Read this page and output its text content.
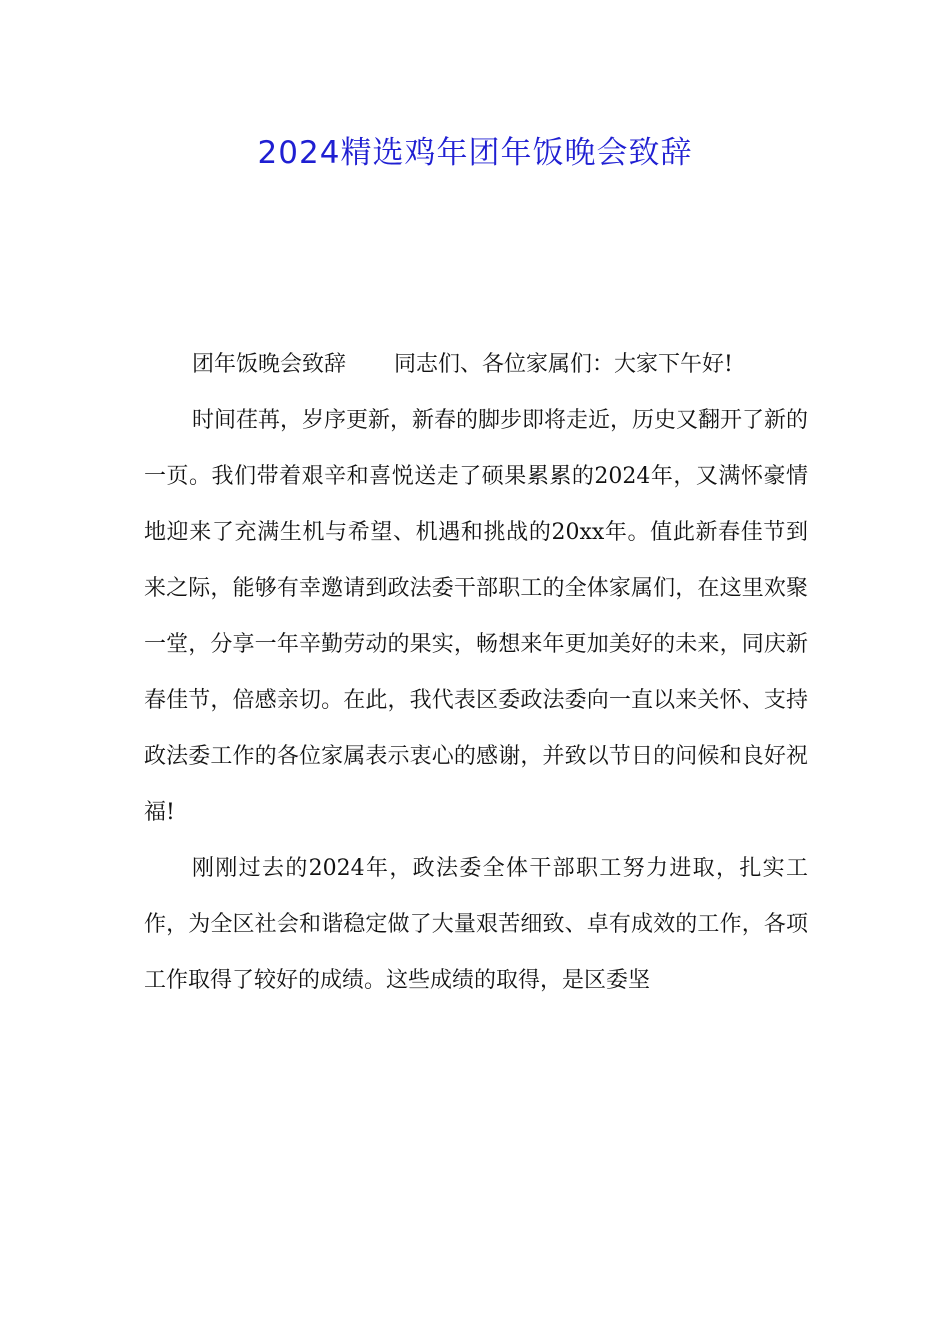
2024精选鸡年团年饭晚会致辞

团年饭晚会致辞 同志们、各位家属们：大家下午好!

时间荏苒，岁序更新，新春的脚步即将走近，历史又翻开了新的一页。我们带着艰辛和喜悦送走了硕果累累的2024年，又满怀豪情地迎来了充满生机与希望、机遇和挑战的20xx年。值此新春佳节到来之际，能够有幸邀请到政法委干部职工的全体家属们，在这里欢聚一堂，分享一年辛勤劳动的果实，畅想来年更加美好的未来，同庆新春佳节，倍感亲切。在此，我代表区委政法委向一直以来关怀、支持政法委工作的各位家属表示衷心的感谢，并致以节日的问候和良好祝福!

刚刚过去的2024年，政法委全体干部职工努力进取，扎实工作，为全区社会和谐稳定做了大量艰苦细致、卓有成效的工作，各项工作取得了较好的成绩。这些成绩的取得，是区委坚
